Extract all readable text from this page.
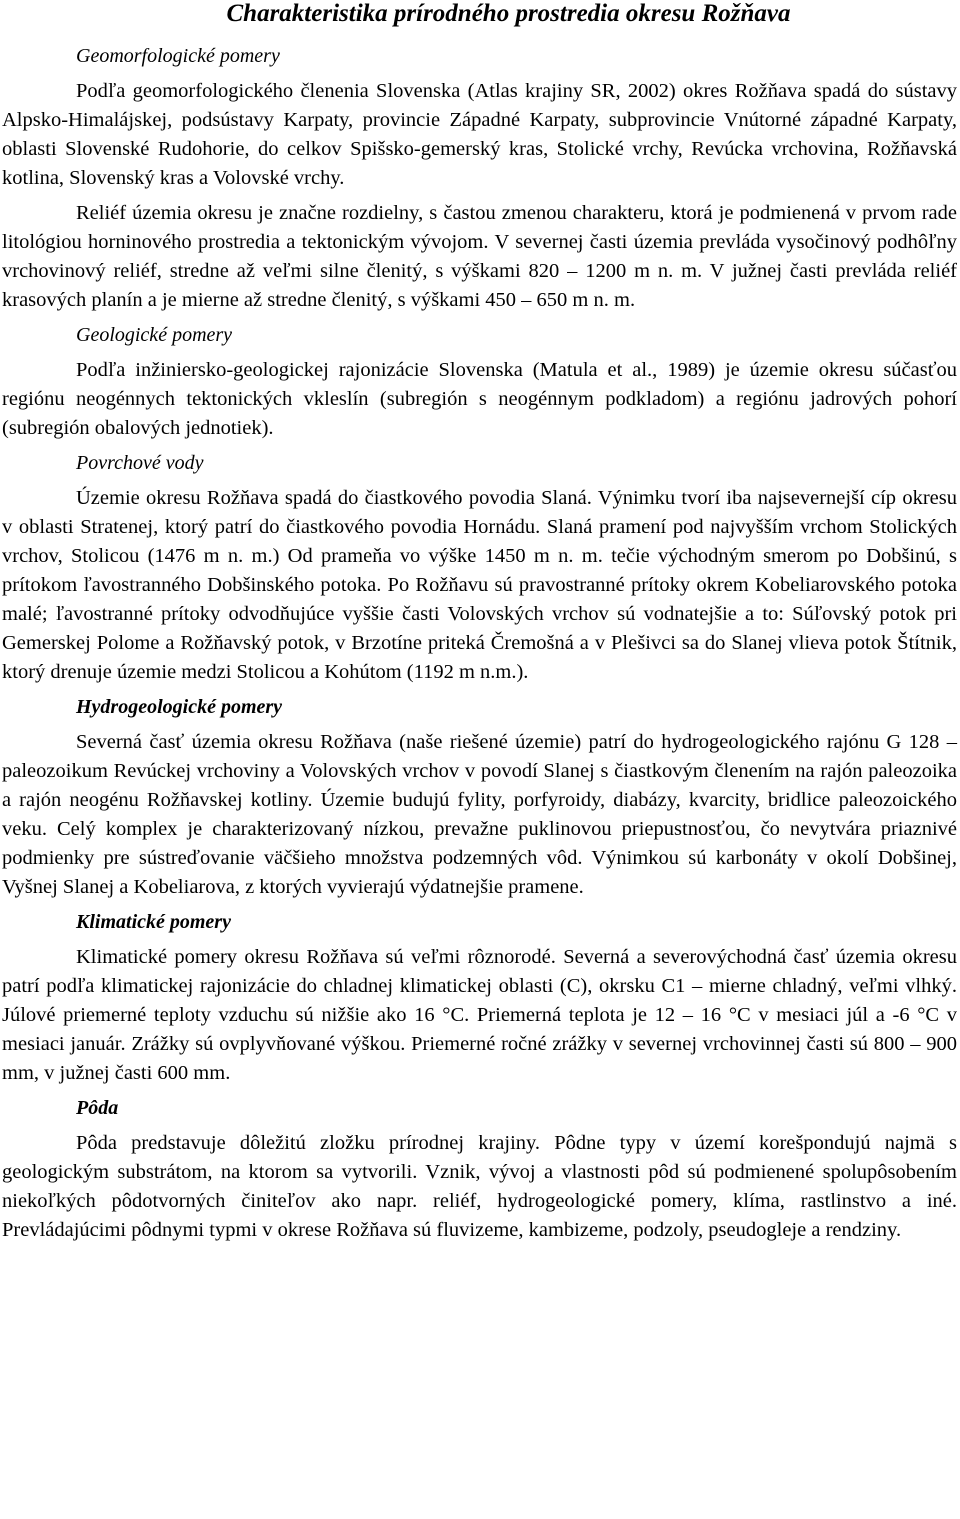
Charakteristika prírodného prostredia okresu Rožňava
Geomorfologické pomery

Podľa geomorfologického členenia Slovenska (Atlas krajiny SR, 2002) okres Rožňava spadá do sústavy Alpsko-Himalájskej, podsústavy Karpaty, provincie Západné Karpaty, subprovincie Vnútorné západné Karpaty, oblasti Slovenské Rudohorie, do celkov Spišsko-gemerský kras, Stolické vrchy, Revúcka vrchovina, Rožňavská kotlina, Slovenský kras a Volovské vrchy.

Reliéf územia okresu je značne rozdielny, s častou zmenou charakteru, ktorá je podmienená v prvom rade litológiou horninového prostredia a tektonickým vývojom. V severnej časti územia prevláda vysočinový podhôľny vrchovinový reliéf, stredne až veľmi silne členitý, s výškami 820 – 1200 m n. m. V južnej časti prevláda reliéf krasových planín a je mierne až stredne členitý, s výškami 450 – 650 m n. m.

Geologické pomery

Podľa inžiniersko-geologickej rajonizácie Slovenska (Matula et al., 1989) je územie okresu súčasťou regiónu neogénnych tektonických vkleslín (subregión s neogénnym podkladom) a regiónu jadrových pohorí (subregión obalových jednotiek).

Povrchové vody

Územie okresu Rožňava spadá do čiastkového povodia Slaná. Výnimku tvorí iba najsevernejší cíp okresu v oblasti Stratenej, ktorý patrí do čiastkového povodia Hornádu. Slaná pramení pod najvyšším vrchom Stolických vrchov, Stolicou (1476 m n. m.) Od prameňa vo výške 1450 m n. m. tečie východným smerom po Dobšinú, s prítokom ľavostranného Dobšinského potoka. Po Rožňavu sú pravostranné prítoky okrem Kobeliarovského potoka malé; ľavostranné prítoky odvodňujúce vyššie časti Volovských vrchov sú vodnatejšie a to: Súľovský potok pri Gemerskej Polome a Rožňavský potok, v Brzotíne priteká Čremošná a v Plešivci sa do Slanej vlieva potok Štítnik, ktorý drenuje územie medzi Stolicou a Kohútom (1192 m n.m.).

Hydrogeologické pomery

Severná časť územia okresu Rožňava (naše riešené územie) patrí do hydrogeologického rajónu G 128 – paleozoikum Revúckej vrchoviny a Volovských vrchov v povodí Slanej s čiastkovým členením na rajón paleozoika a rajón neogénu Rožňavskej kotliny. Územie budujú fylity, porfyroidy, diabázy, kvarcity, bridlice paleozoického veku. Celý komplex je charakterizovaný nízkou, prevažne puklinovou priepustnosťou, čo nevytvára priaznivé podmienky pre sústreďovanie väčšieho množstva podzemných vôd. Výnimkou sú karbonáty v okolí Dobšinej, Vyšnej Slanej a Kobeliarova, z ktorých vyvierajú výdatnejšie pramene.

Klimatické pomery

Klimatické pomery okresu Rožňava sú veľmi rôznorodé. Severná a severovýchodná časť územia okresu patrí podľa klimatickej rajonizácie do chladnej klimatickej oblasti (C), okrsku C1 – mierne chladný, veľmi vlhký. Júlové priemerné teploty vzduchu sú nižšie ako 16 °C. Priemerná teplota je 12 – 16 °C v mesiaci júl a -6 °C v mesiaci január. Zrážky sú ovplyvňované výškou. Priemerné ročné zrážky v severnej vrchovinnej časti sú 800 – 900 mm, v južnej časti 600 mm.

Pôda

Pôda predstavuje dôležitú zložku prírodnej krajiny. Pôdne typy v území korešpondujú najmä s geologickým substrátom, na ktorom sa vytvorili. Vznik, vývoj a vlastnosti pôd sú podmienené spolupôsobením niekoľkých pôdotvorných činiteľov ako napr. reliéf, hydrogeologické pomery, klíma, rastlinstvo a iné. Prevládajúcimi pôdnymi typmi v okrese Rožňava sú fluvizeme, kambizeme, podzoly, pseudogleje a rendziny.
